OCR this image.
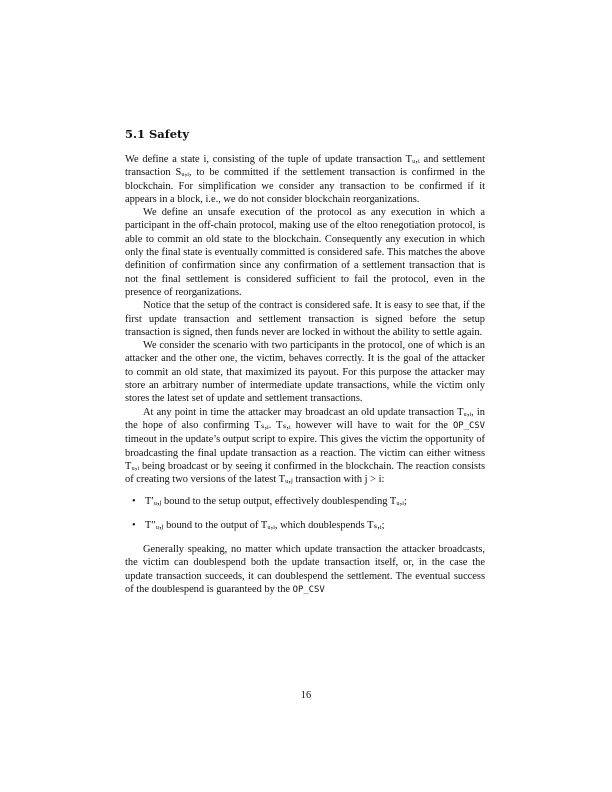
5.1 Safety

We define a state i, consisting of the tuple of update transaction Tᵤ,ᵢ and settlement transaction Sᵤ,ᵢ, to be committed if the settlement transaction is confirmed in the blockchain. For simplification we consider any transaction to be confirmed if it appears in a block, i.e., we do not consider blockchain reorganizations.

We define an unsafe execution of the protocol as any execution in which a participant in the off-chain protocol, making use of the eltoo renegotiation protocol, is able to commit an old state to the blockchain. Consequently any execution in which only the final state is eventually committed is considered safe. This matches the above definition of confirmation since any confirmation of a settlement transaction that is not the final settlement is considered sufficient to fail the protocol, even in the presence of reorganizations.

Notice that the setup of the contract is considered safe. It is easy to see that, if the first update transaction and settlement transaction is signed before the setup transaction is signed, then funds never are locked in without the ability to settle again.

We consider the scenario with two participants in the protocol, one of which is an attacker and the other one, the victim, behaves correctly. It is the goal of the attacker to commit an old state, that maximized its payout. For this purpose the attacker may store an arbitrary number of intermediate update transactions, while the victim only stores the latest set of update and settlement transactions.

At any point in time the attacker may broadcast an old update transaction Tᵤ,ᵢ, in the hope of also confirming Tₛ,ᵢ. Tₛ,ᵢ however will have to wait for the OP_CSV timeout in the update’s output script to expire. This gives the victim the opportunity of broadcasting the final update transaction as a reaction. The victim can either witness Tᵤ,ᵢ being broadcast or by seeing it confirmed in the blockchain. The reaction consists of creating two versions of the latest Tᵤ,ⱼ transaction with j > i:

• T′ᵤ,ⱼ bound to the setup output, effectively doublespending Tᵤ,ᵢ;
• T″ᵤ,ⱼ bound to the output of Tᵤ,ᵢ, which doublespends Tₛ,ᵢ;

Generally speaking, no matter which update transaction the attacker broadcasts, the victim can doublespend both the update transaction itself, or, in the case the update transaction succeeds, it can doublespend the settlement. The eventual success of the doublespend is guaranteed by the OP_CSV

16
